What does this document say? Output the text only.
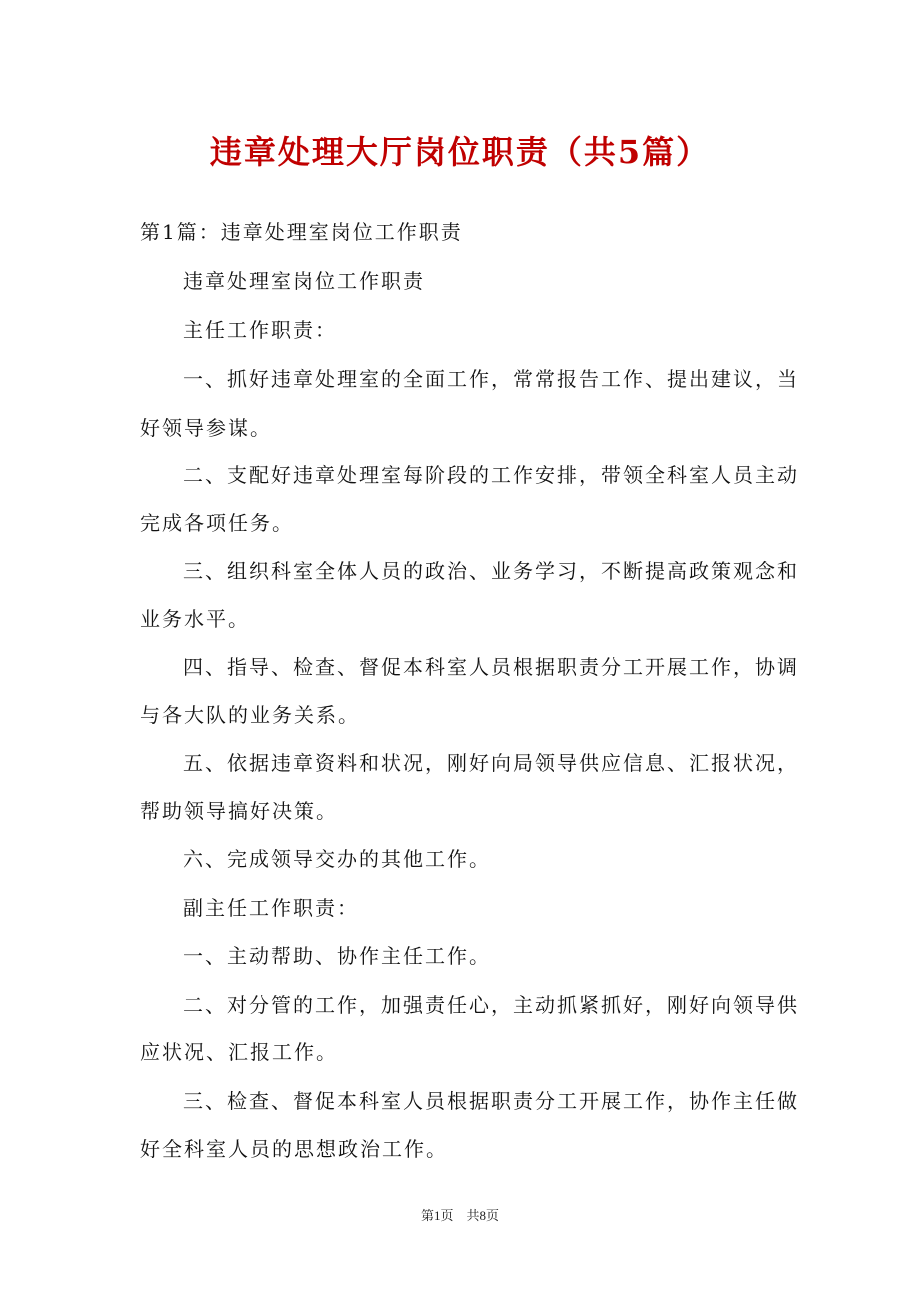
违章处理大厅岗位职责（共5篇）

第1篇：违章处理室岗位工作职责

违章处理室岗位工作职责

主任工作职责：

一、抓好违章处理室的全面工作，常常报告工作、提出建议，当

好领导参谋。

二、支配好违章处理室每阶段的工作安排，带领全科室人员主动

完成各项任务。

三、组织科室全体人员的政治、业务学习，不断提高政策观念和

业务水平。

四、指导、检查、督促本科室人员根据职责分工开展工作，协调

与各大队的业务关系。

五、依据违章资料和状况，刚好向局领导供应信息、汇报状况，

帮助领导搞好决策。

六、完成领导交办的其他工作。

副主任工作职责：

一、主动帮助、协作主任工作。

二、对分管的工作，加强责任心，主动抓紧抓好，刚好向领导供

应状况、汇报工作。

三、检查、督促本科室人员根据职责分工开展工作，协作主任做

好全科室人员的思想政治工作。

第1页　共8页
